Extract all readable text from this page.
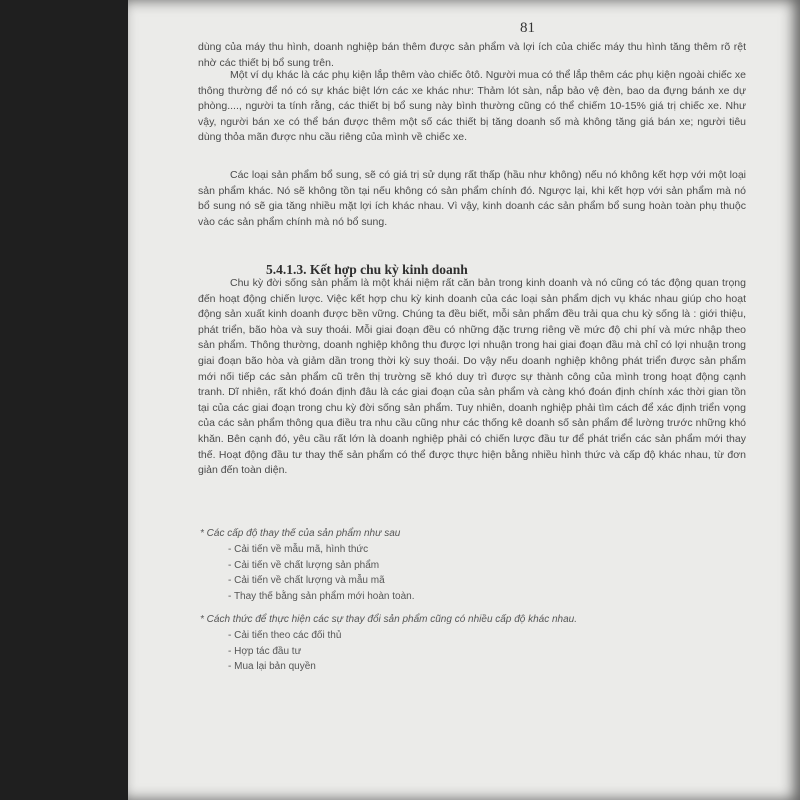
81
dùng của máy thu hình, doanh nghiệp bán thêm được sản phẩm và lợi ích của chiếc máy thu hình tăng thêm rõ rệt nhờ các thiết bị bổ sung trên.
Một ví dụ khác là các phụ kiện lắp thêm vào chiếc ôtô. Người mua có thể lắp thêm các phụ kiện ngoài chiếc xe thông thường để nó có sự khác biệt lớn các xe khác như: Thảm lót sàn, nắp bảo vệ đèn, bao da đựng bánh xe dự phòng...., người ta tính rằng, các thiết bị bổ sung này bình thường cũng có thể chiếm 10-15% giá trị chiếc xe. Như vậy, người bán xe có thể bán được thêm một số các thiết bị tăng doanh số mà không tăng giá bán xe; người tiêu dùng thỏa mãn được nhu cầu riêng của mình về chiếc xe.
Các loại sản phẩm bổ sung, sẽ có giá trị sử dụng rất thấp (hầu như không) nếu nó không kết hợp với một loại sản phẩm khác. Nó sẽ không tồn tại nếu không có sản phẩm chính đó. Ngược lại, khi kết hợp với sản phẩm mà nó bổ sung nó sẽ gia tăng nhiều mặt lợi ích khác nhau. Vì vậy, kinh doanh các sản phẩm bổ sung hoàn toàn phụ thuộc vào các sản phẩm chính mà nó bổ sung.
5.4.1.3. Kết hợp chu kỳ kinh doanh
Chu kỳ đời sống sản phẩm là một khái niệm rất căn bản trong kinh doanh và nó cũng có tác động quan trọng đến hoạt động chiến lược. Việc kết hợp chu kỳ kinh doanh của các loại sản phẩm dịch vụ khác nhau giúp cho hoạt động sản xuất kinh doanh được bền vững. Chúng ta đều biết, mỗi sản phẩm đều trải qua chu kỳ sống là : giới thiệu, phát triển, bão hòa và suy thoái. Mỗi giai đoạn đều có những đặc trưng riêng về mức độ chi phí và mức nhập theo sản phẩm. Thông thường, doanh nghiệp không thu được lợi nhuận trong hai giai đoạn đầu mà chỉ có lợi nhuận trong giai đoạn bão hòa và giảm dần trong thời kỳ suy thoái. Do vậy nếu doanh nghiệp không phát triển được sản phẩm mới nối tiếp các sản phẩm cũ trên thị trường sẽ khó duy trì được sự thành công của mình trong hoạt động cạnh tranh. Dĩ nhiên, rất khó đoán định đâu là các giai đoạn của sản phẩm và càng khó đoán định chính xác thời gian tồn tại của các giai đoạn trong chu kỳ đời sống sản phẩm. Tuy nhiên, doanh nghiệp phải tìm cách để xác định triển vọng của các sản phẩm thông qua điều tra nhu cầu cũng như các thống kê doanh số sản phẩm để lường trước những khó khăn. Bên cạnh đó, yêu cầu rất lớn là doanh nghiệp phải có chiến lược đầu tư để phát triển các sản phẩm mới thay thế. Hoạt động đầu tư thay thế sản phẩm có thể được thực hiện bằng nhiều hình thức và cấp độ khác nhau, từ đơn giản đến toàn diện.
* Các cấp độ thay thế của sản phẩm như sau
- Cải tiến về mẫu mã, hình thức
- Cải tiến về chất lượng sản phẩm
- Cải tiến về chất lượng và mẫu mã
- Thay thế bằng sản phẩm mới hoàn toàn.
* Cách thức để thực hiện các sự thay đổi sản phẩm cũng có nhiều cấp độ khác nhau.
- Cải tiến theo các đối thủ
- Hợp tác đầu tư
- Mua lại bản quyền
